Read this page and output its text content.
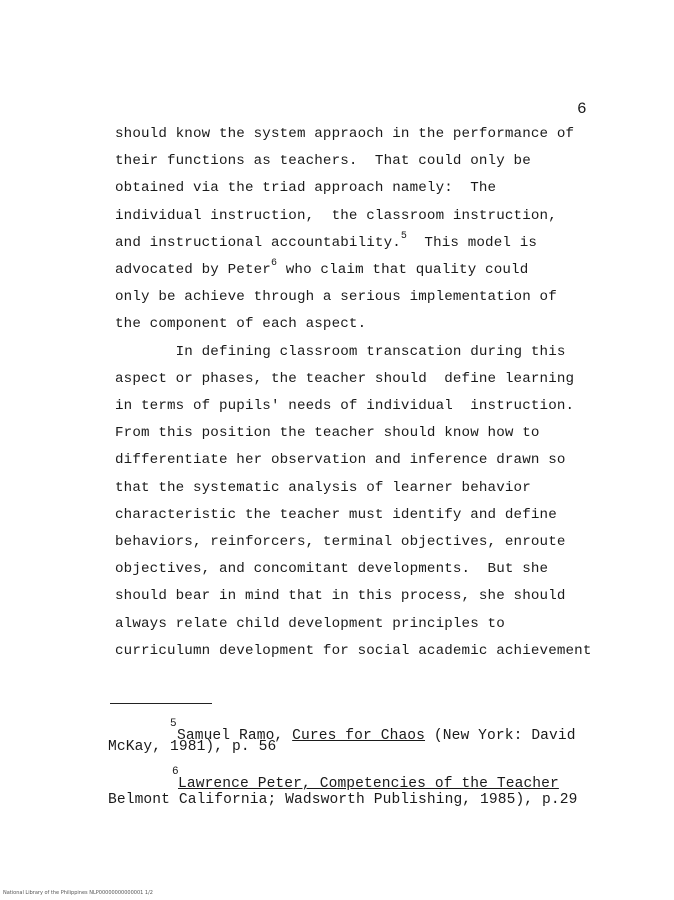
6
should know the system appraoch in the performance of
their functions as teachers.  That could only be
obtained via the triad approach namely:  The
individual instruction,  the classroom instruction,
and instructional accountability.$^5$  This model is
advocated by Peter$^6$ who claim that quality could
only be achieve through a serious implementation of
the component of each aspect.
In defining classroom transcation during this
aspect or phases, the teacher should  define learning
in terms of pupils' needs of individual  instruction.
From this position the teacher should know how to
differentiate her observation and inference drawn so
that the systematic analysis of learner behavior
characteristic the teacher must identify and define
behaviors, reinforcers, terminal objectives, enroute
objectives, and concomitant developments.  But she
should bear in mind that in this process, she should
always relate child development principles to
curriculumn development for social academic achievement
5
Samuel Ramo, Cures for Chaos (New York: David
McKay, 1981), p. 56
6
Lawrence Peter, Competencies of the Teacher
Belmont California; Wadsworth Publishing, 1985), p.29
National Library of the Philippines NLP00000000000001 1/2
